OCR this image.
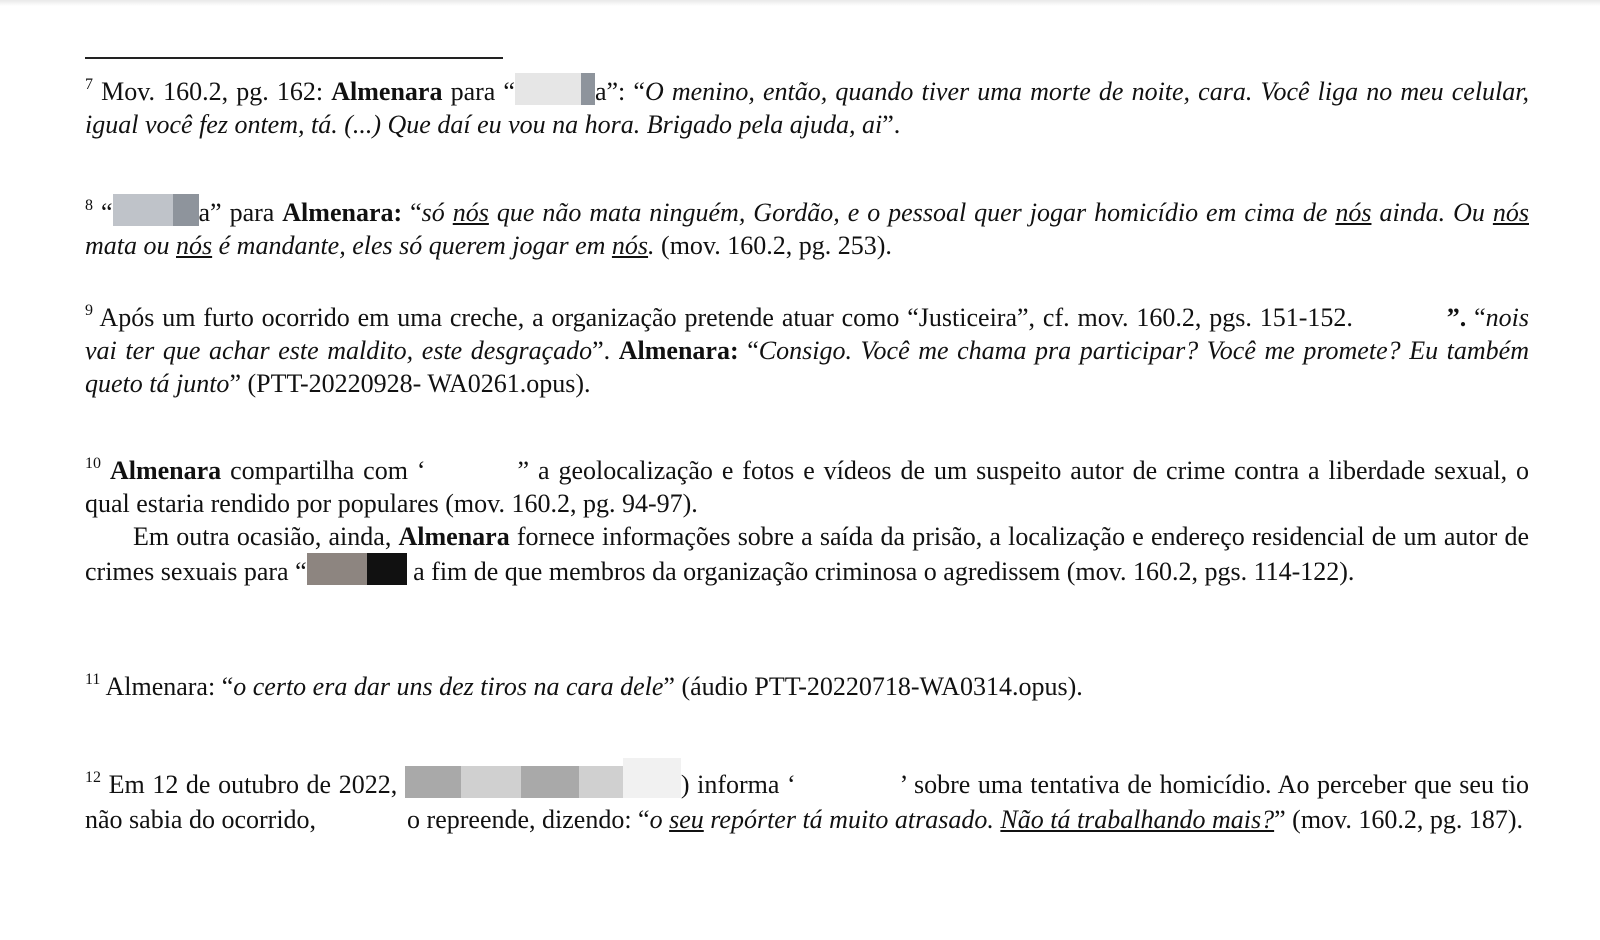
$^7$ Mov. 160.2, pg. 162: Almenara para “	a”: “O menino, então, quando tiver uma morte de noite, cara. Você liga no meu celular, igual você fez ontem, tá. (...) Que daí eu vou na hora. Brigado pela ajuda, ai”.

$^8$ “	a” para Almenara: “só nós que não mata ninguém, Gordão, e o pessoal quer jogar homicídio em cima de nós ainda. Ou nós mata ou nós é mandante, eles só querem jogar em nós. (mov. 160.2, pg. 253).

$^9$ Após um furto ocorrido em uma creche, a organização pretende atuar como “Justiceira”, cf. mov. 160.2, pgs. 151-152.	”. “nois vai ter que achar este maldito, este desgraçado”. Almenara: “Consigo. Você me chama pra participar? Você me promete? Eu também queto tá junto” (PTT-20220928- WA0261.opus).

$^{10}$ Almenara compartilha com ‘	” a geolocalização e fotos e vídeos de um suspeito autor de crime contra a liberdade sexual, o qual estaria rendido por populares (mov. 160.2, pg. 94-97).
Em outra ocasião, ainda, Almenara fornece informações sobre a saída da prisão, a localização e endereço residencial de um autor de crimes sexuais para “	a fim de que membros da organização criminosa o agredissem (mov. 160.2, pgs. 114-122).

$^{11}$ Almenara: “o certo era dar uns dez tiros na cara dele” (áudio PTT-20220718-WA0314.opus).

$^{12}$ Em 12 de outubro de 2022,	) informa ‘	’ sobre uma tentativa de homicídio. Ao perceber que seu tio não sabia do ocorrido,	o repreende, dizendo: “o seu repórter tá muito atrasado. Não tá trabalhando mais?” (mov. 160.2, pg. 187).
